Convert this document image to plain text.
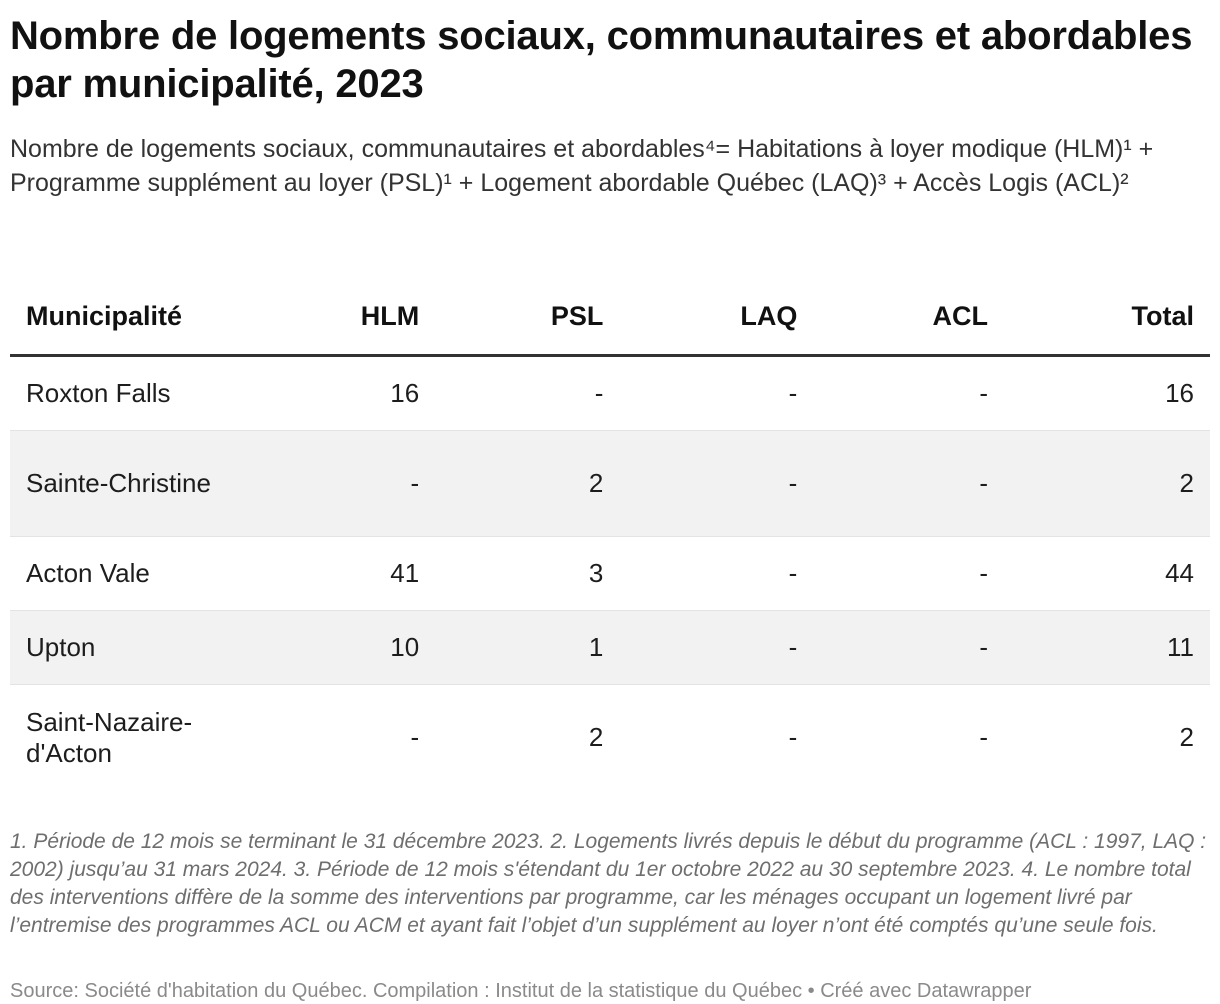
Nombre de logements sociaux, communautaires et abordables par municipalité, 2023
Nombre de logements sociaux, communautaires et abordables⁴= Habitations à loyer modique (HLM)¹ + Programme supplément au loyer (PSL)¹ + Logement abordable Québec (LAQ)³ + Accès Logis (ACL)²
Municipalité	HLM	PSL	LAQ	ACL	Total
Roxton Falls	16	-	-	-	16
Sainte-Christine	-	2	-	-	2
Acton Vale	41	3	-	-	44
Upton	10	1	-	-	11
Saint-Nazaire-d'Acton	-	2	-	-	2
1. Période de 12 mois se terminant le 31 décembre 2023. 2. Logements livrés depuis le début du programme (ACL : 1997, LAQ : 2002) jusqu’au 31 mars 2024. 3. Période de 12 mois s'étendant du 1er octobre 2022 au 30 septembre 2023. 4. Le nombre total des interventions diffère de la somme des interventions par programme, car les ménages occupant un logement livré par l’entremise des programmes ACL ou ACM et ayant fait l’objet d’un supplément au loyer n’ont été comptés qu’une seule fois.
Source: Société d'habitation du Québec. Compilation : Institut de la statistique du Québec • Créé avec Datawrapper
